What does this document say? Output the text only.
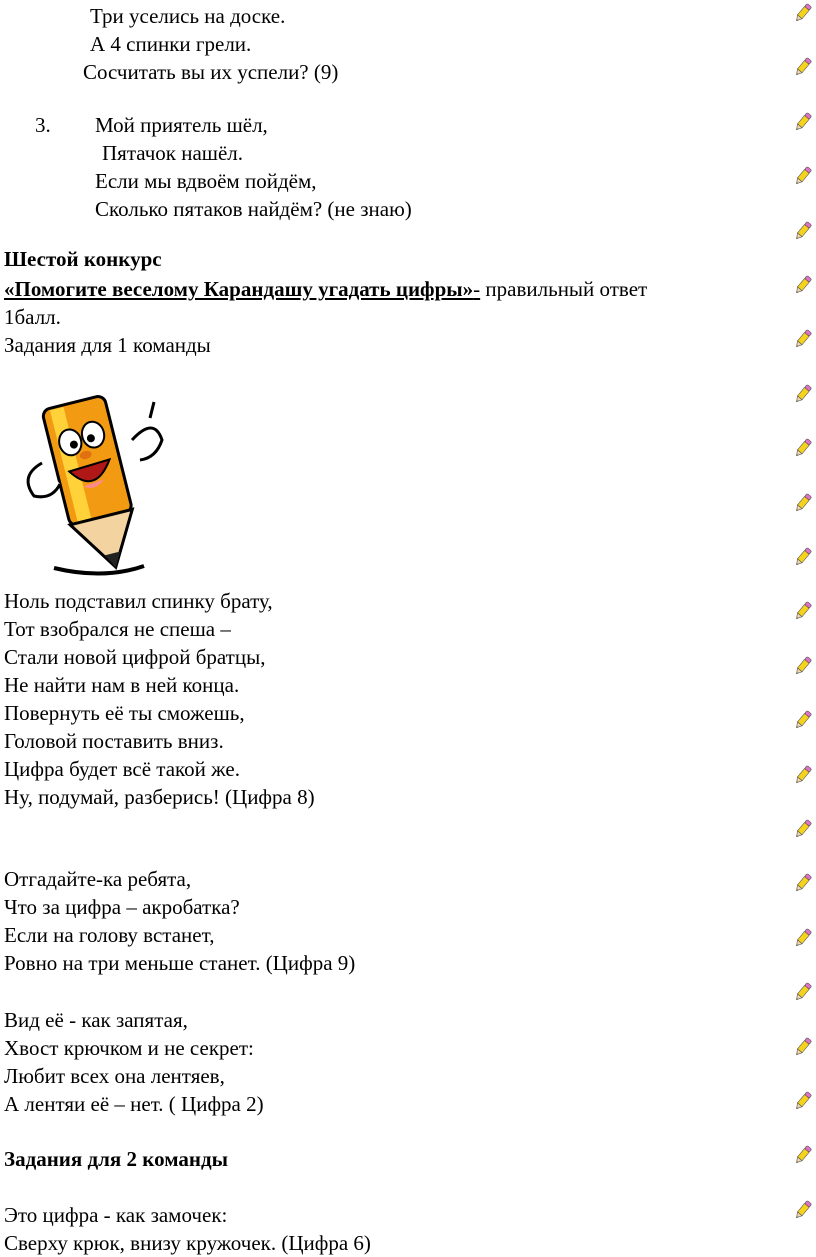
Три уселись на доске.
А 4 спинки грели.
Сосчитать вы их успели? (9)
3. Мой приятель шёл,
Пятачок нашёл.
Если мы вдвоём пойдём,
Сколько пятаков найдём? (не знаю)
Шестой конкурс
«Помогите веселому Карандашу угадать цифры»- правильный ответ
1балл.
Задания для 1 команды
Ноль подставил спинку брату,
Тот взобрался не спеша –
Стали новой цифрой братцы,
Не найти нам в ней конца.
Повернуть её ты сможешь,
Головой поставить вниз.
Цифра будет всё такой же.
Ну, подумай, разберись! (Цифра 8)
Отгадайте-ка ребята,
Что за цифра – акробатка?
Если на голову встанет,
Ровно на три меньше станет. (Цифра 9)
Вид её - как запятая,
Хвост крючком и не секрет:
Любит всех она лентяев,
А лентяи её – нет. ( Цифра 2)
Задания для 2 команды
Это цифра - как замочек:
Сверху крюк, внизу кружочек. (Цифра 6)
